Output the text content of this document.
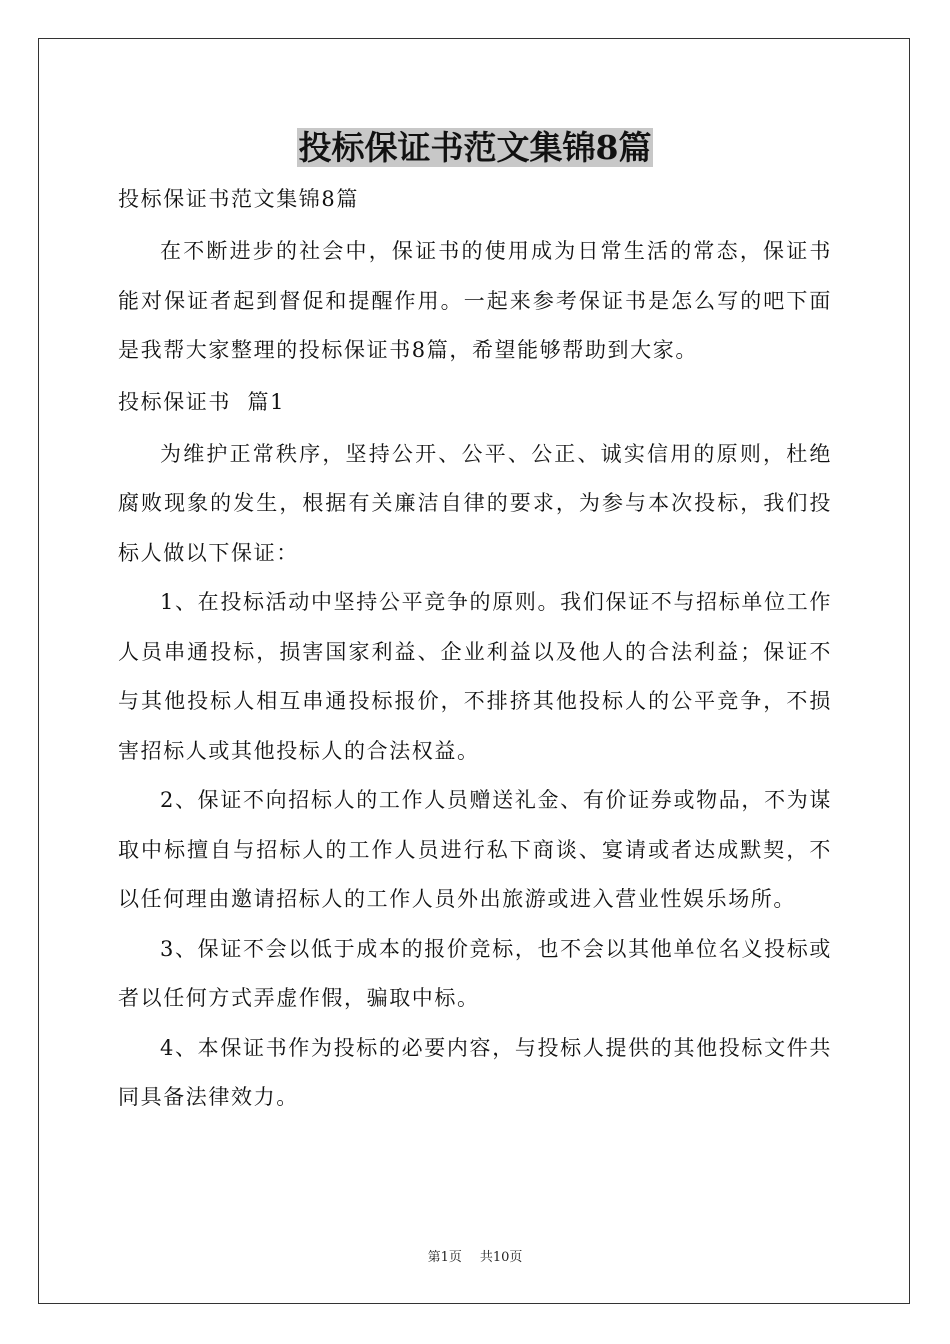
投标保证书范文集锦8篇
投标保证书范文集锦8篇

在不断进步的社会中，保证书的使用成为日常生活的常态，保证书能对保证者起到督促和提醒作用。一起来参考保证书是怎么写的吧下面是我帮大家整理的投标保证书8篇，希望能够帮助到大家。

投标保证书  篇1

为维护正常秩序，坚持公开、公平、公正、诚实信用的原则，杜绝腐败现象的发生，根据有关廉洁自律的要求，为参与本次投标，我们投标人做以下保证：

1、在投标活动中坚持公平竞争的原则。我们保证不与招标单位工作人员串通投标，损害国家利益、企业利益以及他人的合法利益；保证不与其他投标人相互串通投标报价，不排挤其他投标人的公平竞争，不损害招标人或其他投标人的合法权益。

2、保证不向招标人的工作人员赠送礼金、有价证券或物品，不为谋取中标擅自与招标人的工作人员进行私下商谈、宴请或者达成默契，不以任何理由邀请招标人的工作人员外出旅游或进入营业性娱乐场所。

3、保证不会以低于成本的报价竞标，也不会以其他单位名义投标或者以任何方式弄虚作假，骗取中标。

4、本保证书作为投标的必要内容，与投标人提供的其他投标文件共同具备法律效力。

第1页 共10页
